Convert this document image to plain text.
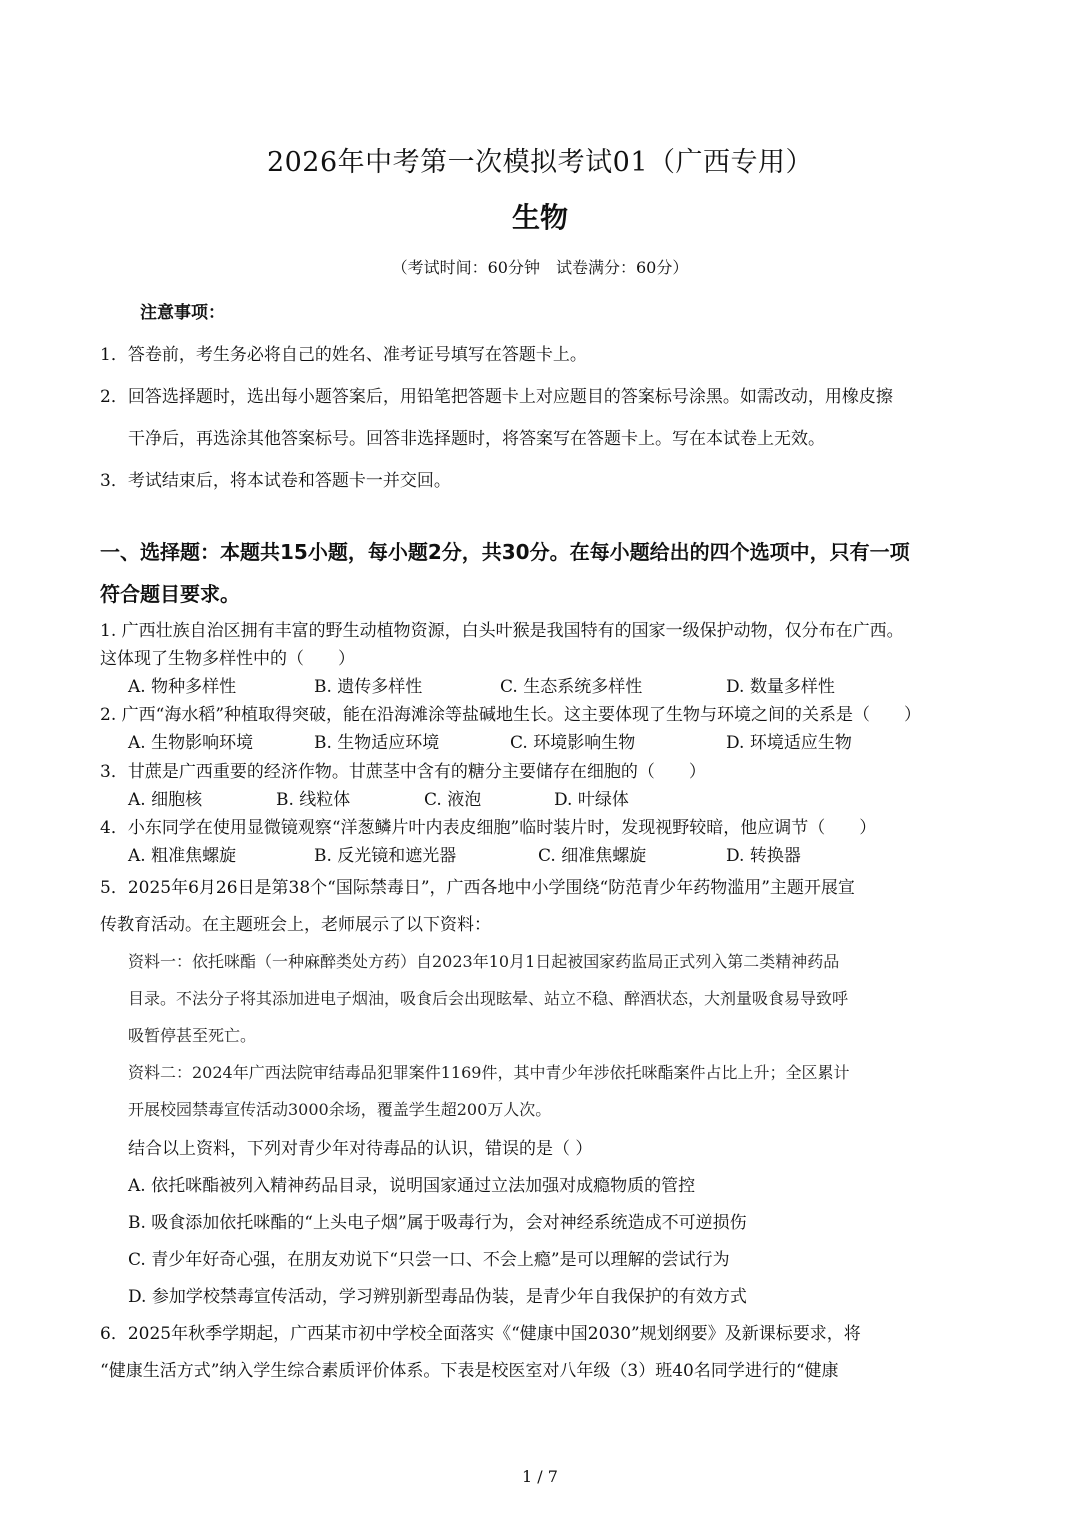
2026年中考第一次模拟考试01（广西专用）
生物
（考试时间：60分钟　试卷满分：60分）
注意事项：
1．答卷前，考生务必将自己的姓名、准考证号填写在答题卡上。
2．回答选择题时，选出每小题答案后，用铅笔把答题卡上对应题目的答案标号涂黑。如需改动，用橡皮擦
干净后，再选涂其他答案标号。回答非选择题时，将答案写在答题卡上。写在本试卷上无效。
3．考试结束后，将本试卷和答题卡一并交回。
一、选择题：本题共15小题，每小题2分，共30分。在每小题给出的四个选项中，只有一项
符合题目要求。
1. 广西壮族自治区拥有丰富的野生动植物资源，白头叶猴是我国特有的国家一级保护动物，仅分布在广西。
这体现了生物多样性中的（　　）
A. 物种多样性	B. 遗传多样性	C. 生态系统多样性	D. 数量多样性
2. 广西“海水稻”种植取得突破，能在沿海滩涂等盐碱地生长。这主要体现了生物与环境之间的关系是（　　）
A. 生物影响环境	B. 生物适应环境	C. 环境影响生物	D. 环境适应生物
3．甘蔗是广西重要的经济作物。甘蔗茎中含有的糖分主要储存在细胞的（　　）
A. 细胞核	B. 线粒体	C. 液泡	D. 叶绿体
4．小东同学在使用显微镜观察“洋葱鳞片叶内表皮细胞”临时装片时，发现视野较暗，他应调节（　　）
A. 粗准焦螺旋	B. 反光镜和遮光器	C. 细准焦螺旋	D. 转换器
5．2025年6月26日是第38个“国际禁毒日”，广西各地中小学围绕“防范青少年药物滥用”主题开展宣
传教育活动。在主题班会上，老师展示了以下资料：
资料一：依托咪酯（一种麻醉类处方药）自2023年10月1日起被国家药监局正式列入第二类精神药品
目录。不法分子将其添加进电子烟油，吸食后会出现眩晕、站立不稳、醉酒状态，大剂量吸食易导致呼
吸暂停甚至死亡。
资料二：2024年广西法院审结毒品犯罪案件1169件，其中青少年涉依托咪酯案件占比上升；全区累计
开展校园禁毒宣传活动3000余场，覆盖学生超200万人次。
结合以上资料，下列对青少年对待毒品的认识，错误的是（ ）
A. 依托咪酯被列入精神药品目录，说明国家通过立法加强对成瘾物质的管控
B. 吸食添加依托咪酯的“上头电子烟”属于吸毒行为，会对神经系统造成不可逆损伤
C. 青少年好奇心强，在朋友劝说下“只尝一口、不会上瘾”是可以理解的尝试行为
D. 参加学校禁毒宣传活动，学习辨别新型毒品伪装，是青少年自我保护的有效方式
6．2025年秋季学期起，广西某市初中学校全面落实《“健康中国2030”规划纲要》及新课标要求，将
“健康生活方式”纳入学生综合素质评价体系。下表是校医室对八年级（3）班40名同学进行的“健康
1 / 7
